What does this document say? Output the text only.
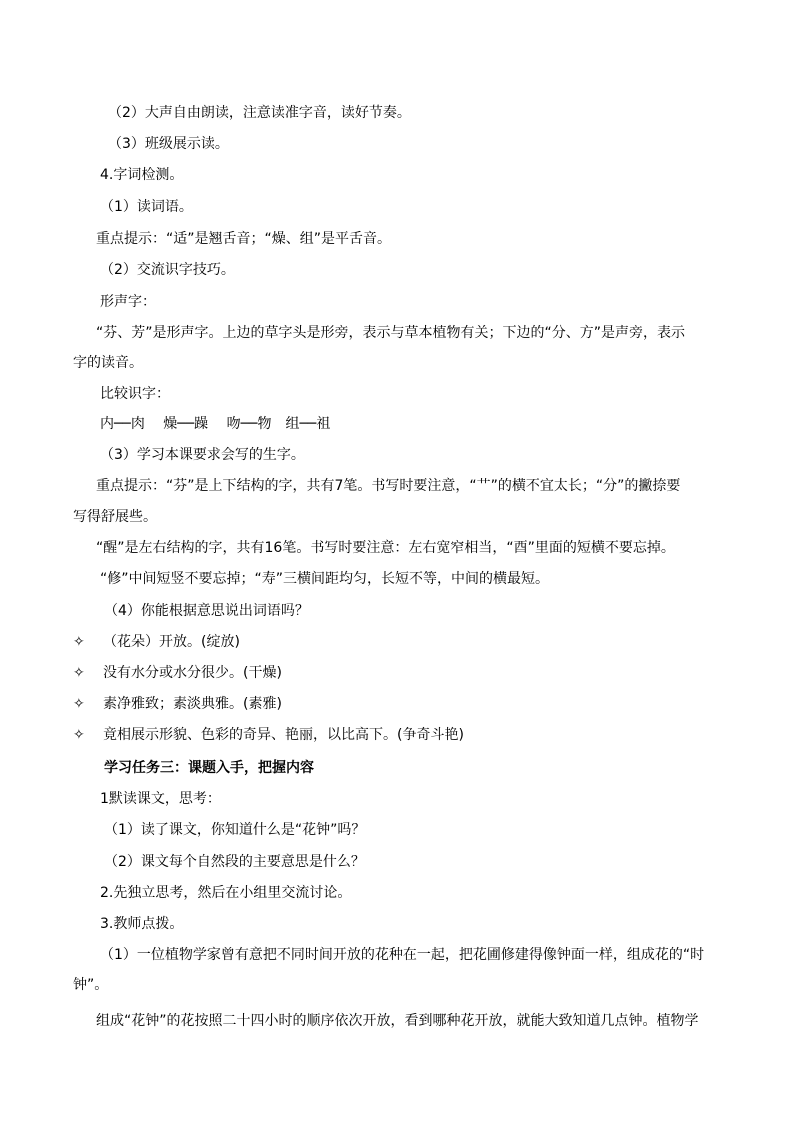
（2）大声自由朗读，注意读准字音，读好节奏。
（3）班级展示读。
4.字词检测。
（1）读词语。
重点提示：“适”是翘舌音；“燥、组”是平舌音。
（2）交流识字技巧。
形声字：
“芬、芳”是形声字。上边的草字头是形旁，表示与草本植物有关；下边的“分、方”是声旁，表示
字的读音。
比较识字：
内──肉　 燥──躁　 吻──物　组──祖
（3）学习本课要求会写的生字。
重点提示：“芬”是上下结构的字，共有7笔。书写时要注意，“艹”的横不宜太长；“分”的撇捺要
写得舒展些。
“醒”是左右结构的字，共有16笔。书写时要注意：左右宽窄相当，“酉”里面的短横不要忘掉。
“修”中间短竖不要忘掉；“寿”三横间距均匀，长短不等，中间的横最短。
（4）你能根据意思说出词语吗？
✧ （花朵）开放。(绽放)
✧ 没有水分或水分很少。(干燥)
✧ 素净雅致；素淡典雅。(素雅)
✧ 竟相展示形貌、色彩的奇异、艳丽，以比高下。(争奇斗艳)
学习任务三：课题入手，把握内容
1默读课文，思考：
（1）读了课文，你知道什么是“花钟”吗？
（2）课文每个自然段的主要意思是什么？
2.先独立思考，然后在小组里交流讨论。
3.教师点拨。
（1）一位植物学家曾有意把不同时间开放的花种在一起，把花圃修建得像钟面一样，组成花的“时
钟”。
组成“花钟”的花按照二十四小时的顺序依次开放，看到哪种花开放，就能大致知道几点钟。植物学
